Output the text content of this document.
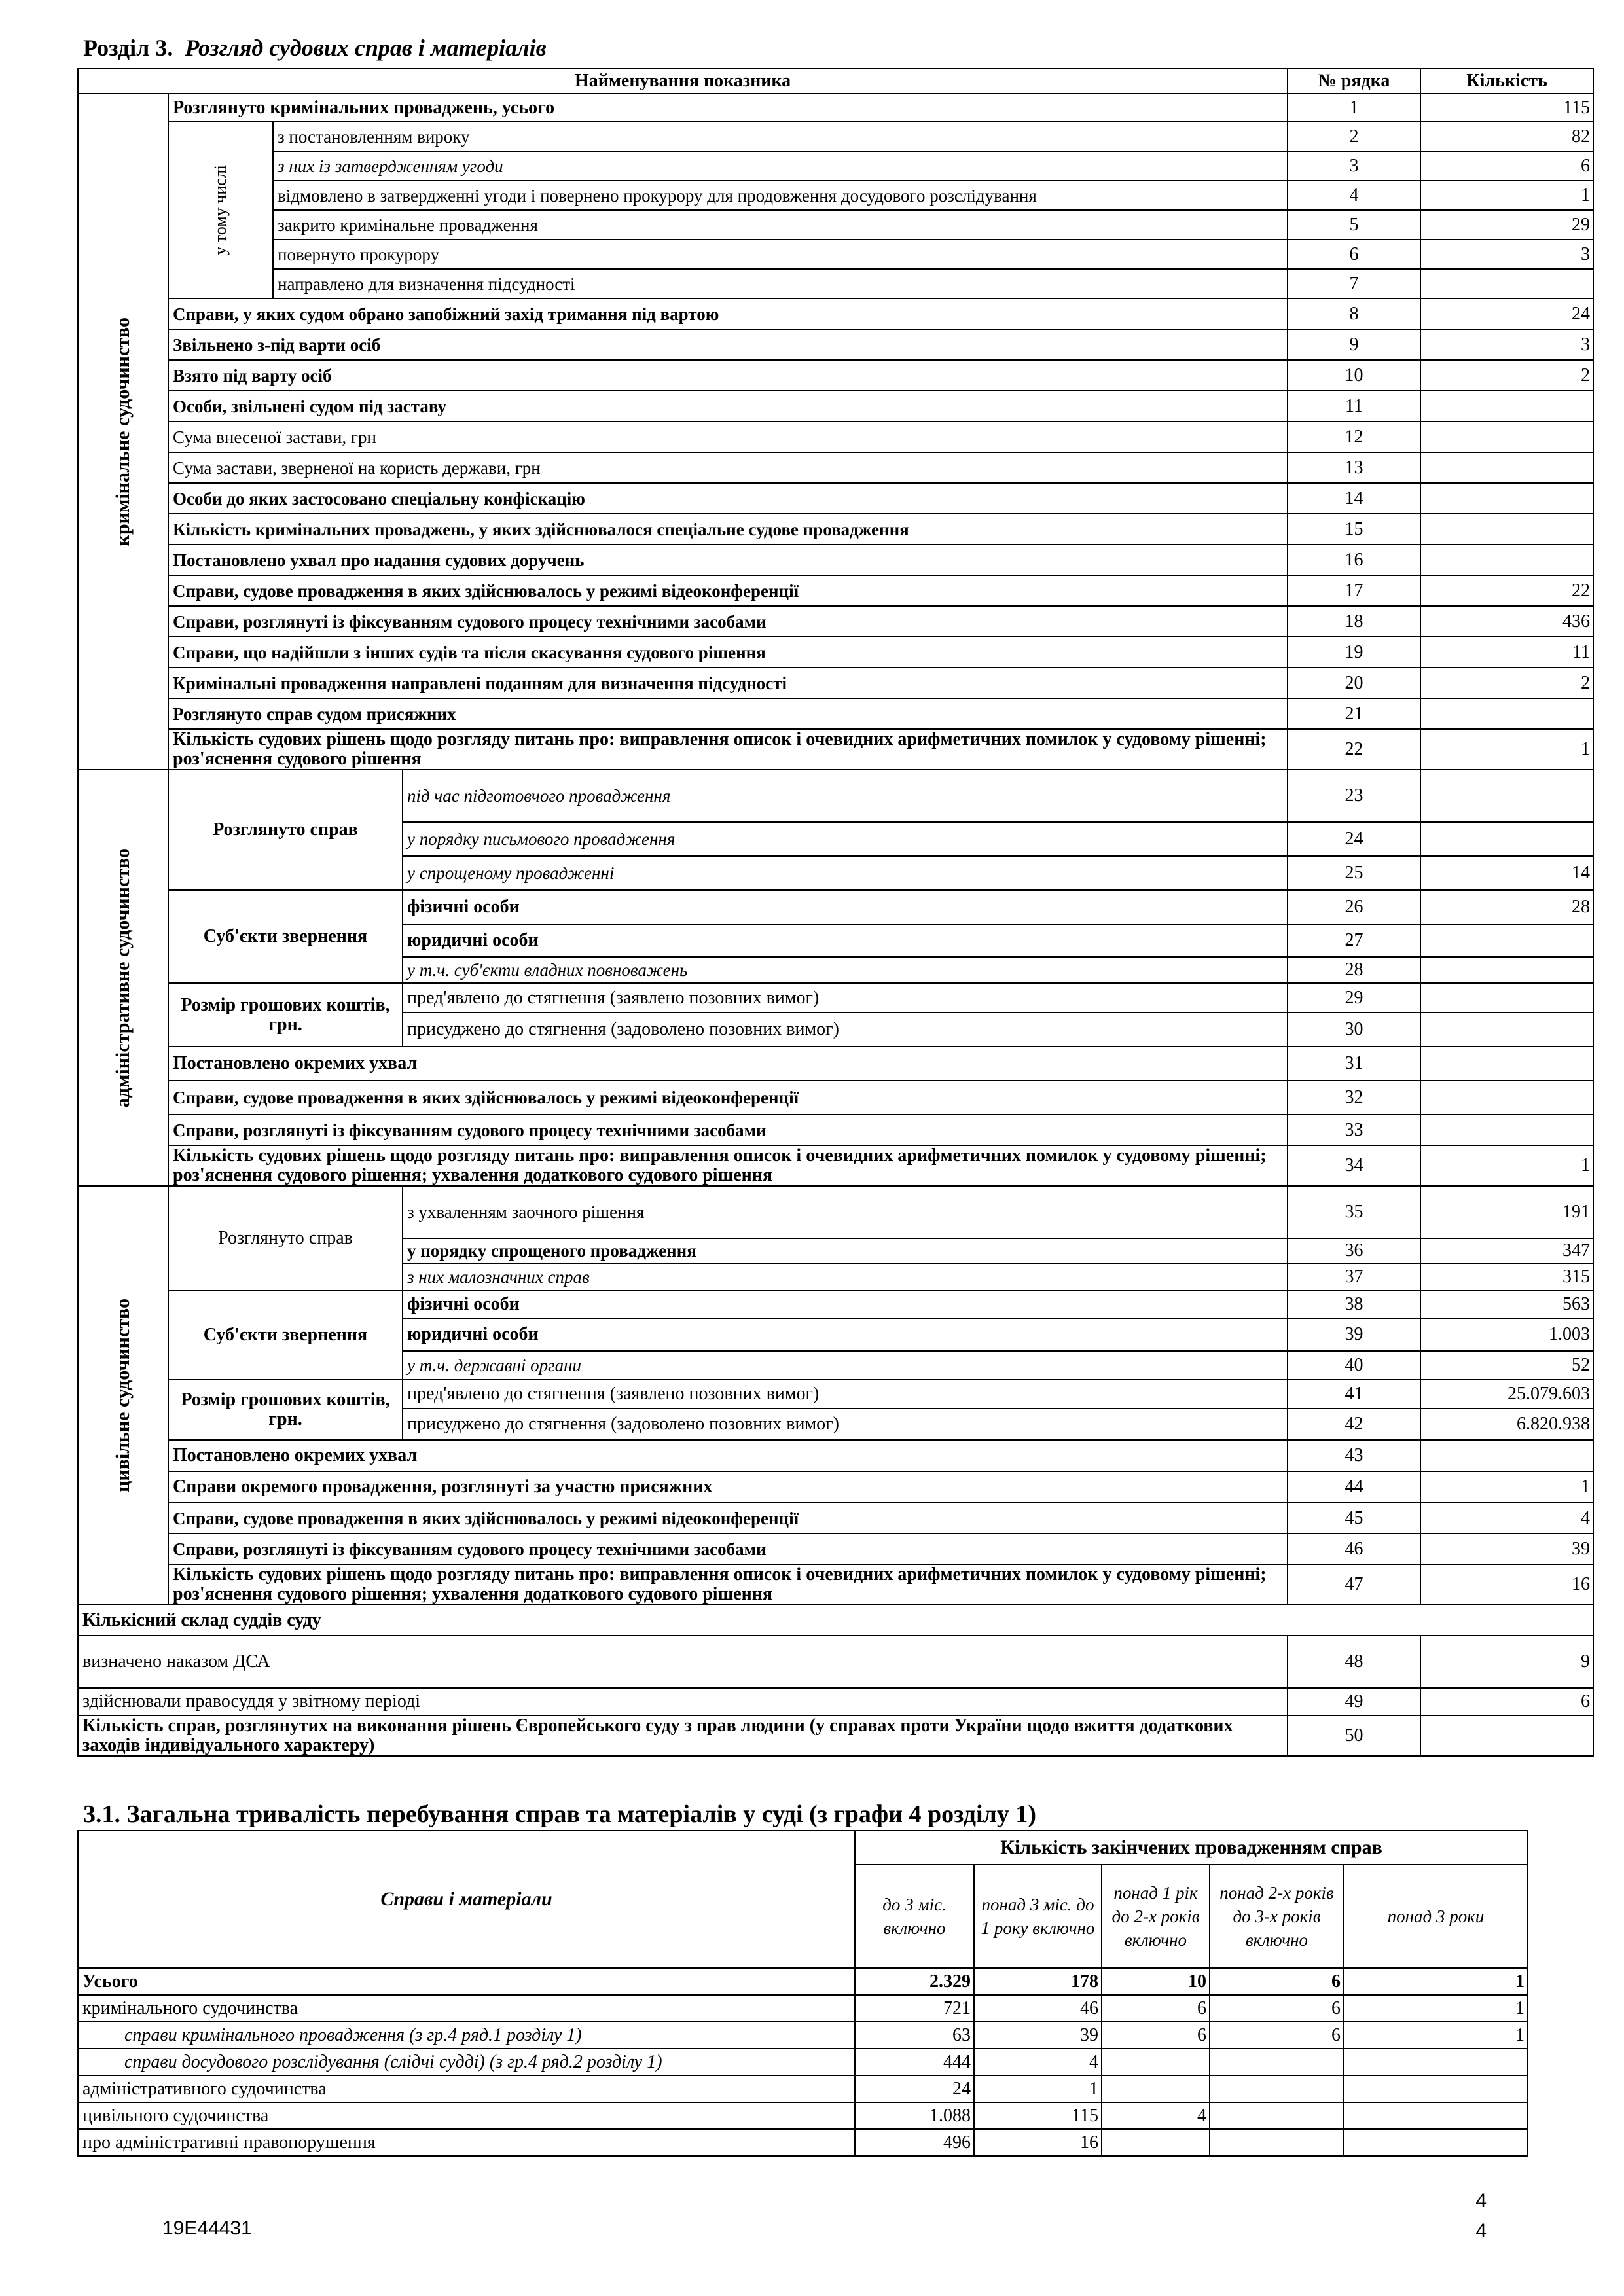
Розділ 3. Розгляд судових справ і матеріалів
Найменування показника				№ рядка	Кількість

кримінальне судочинство	Розглянуто кримінальних проваджень, усього			1	115

	у тому числі	з постановленням вироку		2	82
		з них із затвердженням угоди		3	6
		відмовлено в затвердженні угоди і повернено прокурору для продовження досудового розслідування		4	1
		закрито кримінальне провадження		5	29
		повернуто прокурору		6	3
		направлено для визначення підсудності		7	
	Справи, у яких судом обрано запобіжний захід тримання під вартою			8	24
	Звільнено з-під варти осіб			9	3
	Взято під варту осіб			10	2
	Особи, звільнені судом під заставу			11	
	Сума внесеної застави, грн			12	
	Сума застави, зверненої на користь держави, грн			13	
	Особи до яких застосовано спеціальну конфіскацію			14	
	Кількість кримінальних проваджень, у яких здійснювалося спеціальне судове провадження			15	
	Постановлено ухвал про надання судових доручень			16	
	Справи, судове провадження в яких здійснювалось у режимі відеоконференції			17	22
	Справи, розглянуті із фіксуванням судового процесу технічними засобами			18	436
	Справи, що надійшли з інших судів та після скасування судового рішення			19	11
	Кримінальні провадження направлені поданням для визначення підсудності			20	2
	Розглянуто справ судом присяжних			21	
	Кількість судових рішень щодо розгляду питань про: виправлення описок і очевидних арифметичних помилок у судовому рішенні; роз'яснення судового рішення			22	1

адміністративне судочинство	Розглянуто справ		під час підготовчого провадження	23	
			у порядку письмового провадження	24	
			у спрощеному провадженні	25	14
	Суб'єкти звернення		фізичні особи	26	28
			юридичні особи	27	
			у т.ч. суб'єкти владних повноважень	28	
	Розмір грошових коштів, грн.		пред'явлено до стягнення (заявлено позовних вимог)	29	
			присуджено до стягнення (задоволено позовних вимог)	30	
	Постановлено окремих ухвал			31	
	Справи, судове провадження в яких здійснювалось у режимі відеоконференції			32	
	Справи, розглянуті із фіксуванням судового процесу технічними засобами			33	
	Кількість судових рішень щодо розгляду питань про: виправлення описок і очевидних арифметичних помилок у судовому рішенні; роз'яснення судового рішення; ухвалення додаткового судового рішення			34	1

цивільне судочинство	Розглянуто справ		з ухваленням заочного рішення	35	191
			у порядку спрощеного провадження	36	347
			з них малозначних справ	37	315
	Суб'єкти звернення		фізичні особи	38	563
			юридичні особи	39	1.003
			у т.ч. державні органи	40	52
	Розмір грошових коштів, грн.		пред'явлено до стягнення (заявлено позовних вимог)	41	25.079.603
			присуджено до стягнення (задоволено позовних вимог)	42	6.820.938
	Постановлено окремих ухвал			43	
	Справи окремого провадження, розглянуті за участю присяжних			44	1
	Справи, судове провадження в яких здійснювалось у режимі відеоконференції			45	4
	Справи, розглянуті із фіксуванням судового процесу технічними засобами			46	39
	Кількість судових рішень щодо розгляду питань про: виправлення описок і очевидних арифметичних помилок у судовому рішенні; роз'яснення судового рішення; ухвалення додаткового судового рішення			47	16
Кількісний склад суддів суду					
визначено наказом ДСА				48	9
здійснювали правосуддя у звітному періоді				49	6
Кількість справ, розглянутих на виконання рішень Європейського суду з прав людини (у справах проти України щодо вжиття додаткових заходів індивідуального характеру)				50	
3.1. Загальна тривалість перебування справ та матеріалів у суді (з графи 4 розділу 1)
Справи і матеріали	Кількість закінчених провадженням справ				
	до 3 міс. включно	понад 3 міс. до 1 року включно	понад 1 рік до 2-х років включно	понад 2-х років до 3-х років включно	понад 3 роки
Усього	2.329	178	10	6	1
кримінального судочинства	721	46	6	6	1
справи кримінального провадження (з гр.4 ряд.1 розділу 1)	63	39	6	6	1
справи досудового розслідування (слідчі судді) (з гр.4 ряд.2 розділу 1)	444	4			
адміністративного судочинства	24	1			
цивільного судочинства	1.088	115	4		
про адміністративні правопорушення	496	16			
19E44431
4
4
